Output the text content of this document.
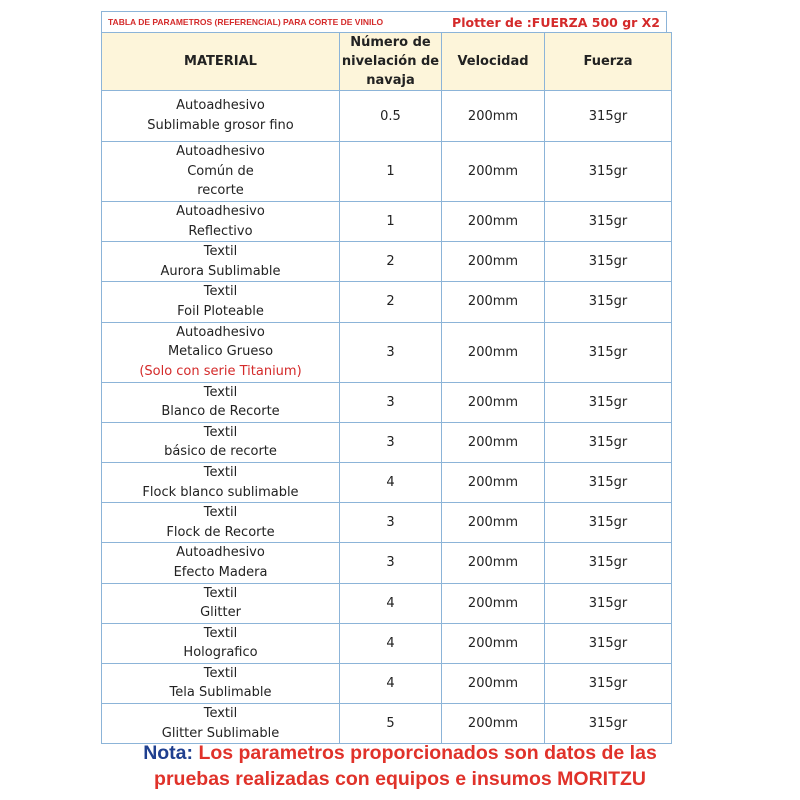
TABLA DE PARAMETROS (REFERENCIAL) PARA CORTE DE VINILO	Plotter de :FUERZA 500 gr X2
MATERIAL	Número de nivelación de navaja	Velocidad	Fuerza

Autoadhesivo
Sublimable grosor fino	0.5	200mm	315gr

Autoadhesivo
Común de
recorte	1	200mm	315gr

Autoadhesivo
Reflectivo	1	200mm	315gr

Textil
Aurora Sublimable	2	200mm	315gr

Textil
Foil Ploteable	2	200mm	315gr

Autoadhesivo
Metalico Grueso
(Solo con serie Titanium)	3	200mm	315gr

Textil
Blanco de Recorte	3	200mm	315gr

Textil
básico de recorte	3	200mm	315gr

Textil
Flock blanco sublimable	4	200mm	315gr

Textil
Flock de Recorte	3	200mm	315gr

Autoadhesivo
Efecto Madera	3	200mm	315gr

Textil
Glitter	4	200mm	315gr

Textil
Holografico	4	200mm	315gr

Textil
Tela Sublimable	4	200mm	315gr

Textil
Glitter Sublimable	5	200mm	315gr
Nota: Los parametros proporcionados son datos de las
pruebas realizadas con equipos e insumos MORITZU
